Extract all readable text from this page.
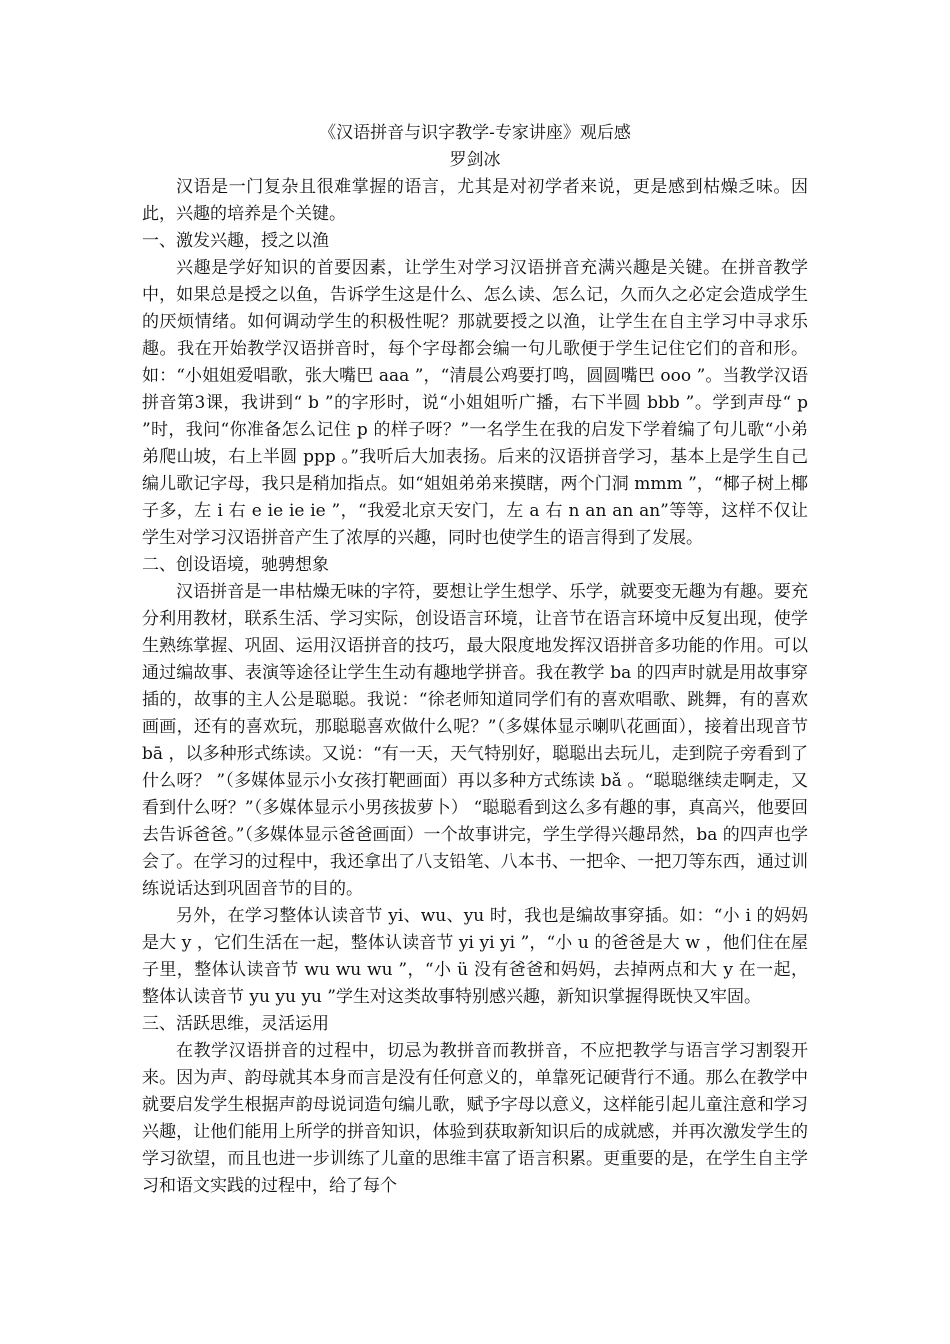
《汉语拼音与识字教学-专家讲座》观后感

罗剑冰

汉语是一门复杂且很难掌握的语言，尤其是对初学者来说，更是感到枯燥乏味。因此，兴趣的培养是个关键。

一、激发兴趣，授之以渔

兴趣是学好知识的首要因素，让学生对学习汉语拼音充满兴趣是关键。在拼音教学中，如果总是授之以鱼，告诉学生这是什么、怎么读、怎么记，久而久之必定会造成学生的厌烦情绪。如何调动学生的积极性呢？那就要授之以渔，让学生在自主学习中寻求乐趣。我在开始教学汉语拼音时，每个字母都会编一句儿歌便于学生记住它们的音和形。如：“小姐姐爱唱歌，张大嘴巴 aaa ”，“清晨公鸡要打鸣，圆圆嘴巴 ooo ”。当教学汉语拼音第3课，我讲到“ b ”的字形时，说“小姐姐听广播，右下半圆 bbb ”。学到声母“ p ”时，我问“你准备怎么记住 p 的样子呀？”一名学生在我的启发下学着编了句儿歌“小弟弟爬山坡，右上半圆 ppp 。”我听后大加表扬。后来的汉语拼音学习，基本上是学生自己编儿歌记字母，我只是稍加指点。如“姐姐弟弟来摸瞎，两个门洞 mmm ”，“椰子树上椰子多，左 i 右 e ie ie ie ”，“我爱北京天安门，左 a 右 n an an an”等等，这样不仅让学生对学习汉语拼音产生了浓厚的兴趣，同时也使学生的语言得到了发展。

二、创设语境，驰骋想象

汉语拼音是一串枯燥无味的字符，要想让学生想学、乐学，就要变无趣为有趣。要充分利用教材，联系生活、学习实际，创设语言环境，让音节在语言环境中反复出现，使学生熟练掌握、巩固、运用汉语拼音的技巧，最大限度地发挥汉语拼音多功能的作用。可以通过编故事、表演等途径让学生生动有趣地学拼音。我在教学 ba 的四声时就是用故事穿插的，故事的主人公是聪聪。我说：“徐老师知道同学们有的喜欢唱歌、跳舞，有的喜欢画画，还有的喜欢玩，那聪聪喜欢做什么呢？”（多媒体显示喇叭花画面），接着出现音节 bā ，以多种形式练读。又说：“有一天，天气特别好，聪聪出去玩儿，走到院子旁看到了什么呀？ ”（多媒体显示小女孩打靶画面）再以多种方式练读 bǎ 。“聪聪继续走啊走，又看到什么呀？”（多媒体显示小男孩拔萝卜） “聪聪看到这么多有趣的事，真高兴，他要回去告诉爸爸。”（多媒体显示爸爸画面）一个故事讲完，学生学得兴趣昂然，ba 的四声也学会了。在学习的过程中，我还拿出了八支铅笔、八本书、一把伞、一把刀等东西，通过训练说话达到巩固音节的目的。

另外，在学习整体认读音节 yi、wu、yu 时，我也是编故事穿插。如：“小 i 的妈妈是大 y ，它们生活在一起，整体认读音节 yi yi yi ”，“小 u 的爸爸是大 w ，他们住在屋子里，整体认读音节 wu wu wu ”，“小 ü 没有爸爸和妈妈，去掉两点和大 y 在一起，整体认读音节 yu yu yu ”学生对这类故事特别感兴趣，新知识掌握得既快又牢固。

三、活跃思维，灵活运用

在教学汉语拼音的过程中，切忌为教拼音而教拼音，不应把教学与语言学习割裂开来。因为声、韵母就其本身而言是没有任何意义的，单靠死记硬背行不通。那么在教学中就要启发学生根据声韵母说词造句编儿歌，赋予字母以意义，这样能引起儿童注意和学习兴趣，让他们能用上所学的拼音知识，体验到获取新知识后的成就感，并再次激发学生的学习欲望，而且也进一步训练了儿童的思维丰富了语言积累。更重要的是，在学生自主学习和语文实践的过程中，给了每个
